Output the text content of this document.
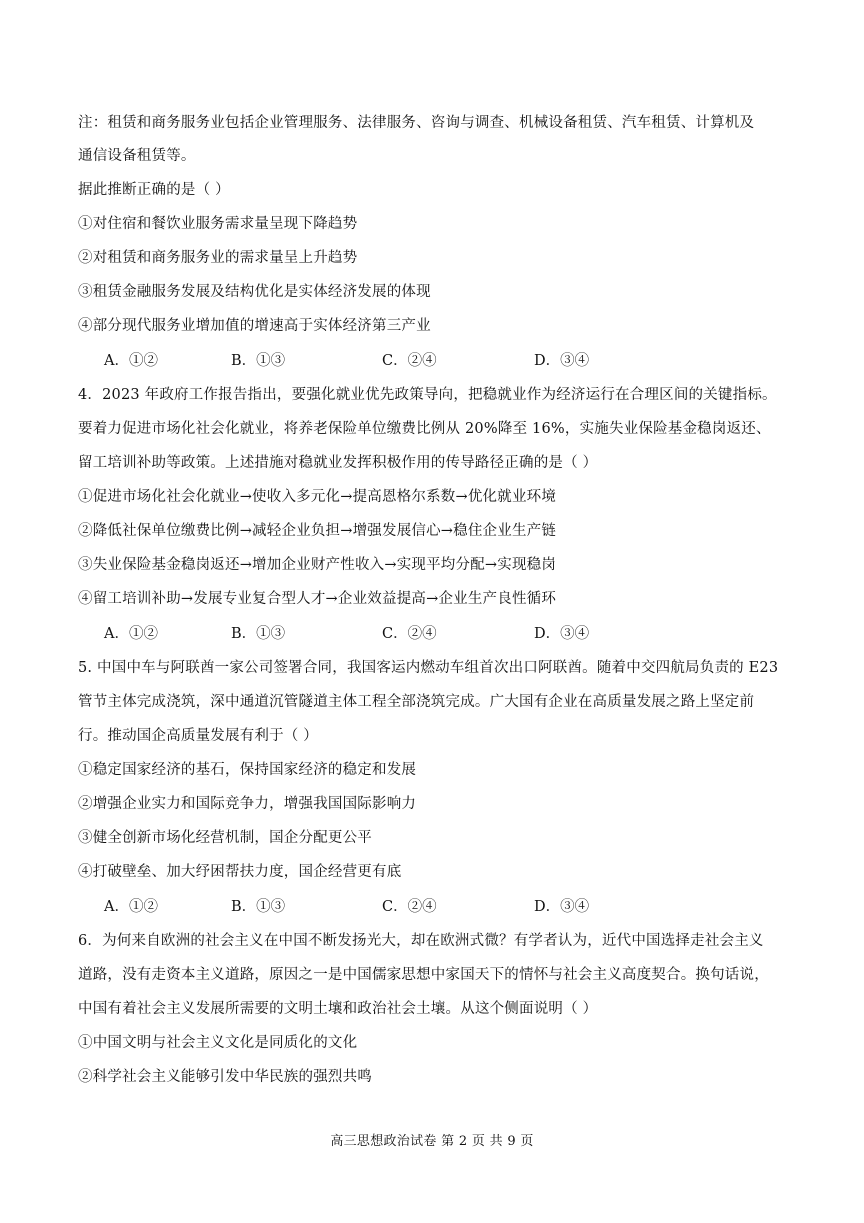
注：租赁和商务服务业包括企业管理服务、法律服务、咨询与调查、机械设备租赁、汽车租赁、计算机及
通信设备租赁等。
据此推断正确的是（ ）
①对住宿和餐饮业服务需求量呈现下降趋势
②对租赁和商务服务业的需求量呈上升趋势
③租赁金融服务发展及结构优化是实体经济发展的体现
④部分现代服务业增加值的增速高于实体经济第三产业
A．①②	B．①③	C．②④	D．③④
4．2023 年政府工作报告指出，要强化就业优先政策导向，把稳就业作为经济运行在合理区间的关键指标。
要着力促进市场化社会化就业，将养老保险单位缴费比例从 20%降至 16%，实施失业保险基金稳岗返还、
留工培训补助等政策。上述措施对稳就业发挥积极作用的传导路径正确的是（ ）
①促进市场化社会化就业→使收入多元化→提高恩格尔系数→优化就业环境
②降低社保单位缴费比例→减轻企业负担→增强发展信心→稳住企业生产链
③失业保险基金稳岗返还→增加企业财产性收入→实现平均分配→实现稳岗
④留工培训补助→发展专业复合型人才→企业效益提高→企业生产良性循环
A．①②	B．①③	C．②④	D．③④
5. 中国中车与阿联酋一家公司签署合同，我国客运内燃动车组首次出口阿联酋。随着中交四航局负责的 E23
管节主体完成浇筑，深中通道沉管隧道主体工程全部浇筑完成。广大国有企业在高质量发展之路上坚定前
行。推动国企高质量发展有利于（ ）
①稳定国家经济的基石，保持国家经济的稳定和发展
②增强企业实力和国际竞争力，增强我国国际影响力
③健全创新市场化经营机制，国企分配更公平
④打破壁垒、加大纾困帮扶力度，国企经营更有底
A．①②	B．①③	C．②④	D．③④
6．为何来自欧洲的社会主义在中国不断发扬光大，却在欧洲式微？有学者认为，近代中国选择走社会主义
道路，没有走资本主义道路，原因之一是中国儒家思想中家国天下的情怀与社会主义高度契合。换句话说，
中国有着社会主义发展所需要的文明土壤和政治社会土壤。从这个侧面说明（ ）
①中国文明与社会主义文化是同质化的文化
②科学社会主义能够引发中华民族的强烈共鸣
高三思想政治试卷 第 2 页 共 9 页
